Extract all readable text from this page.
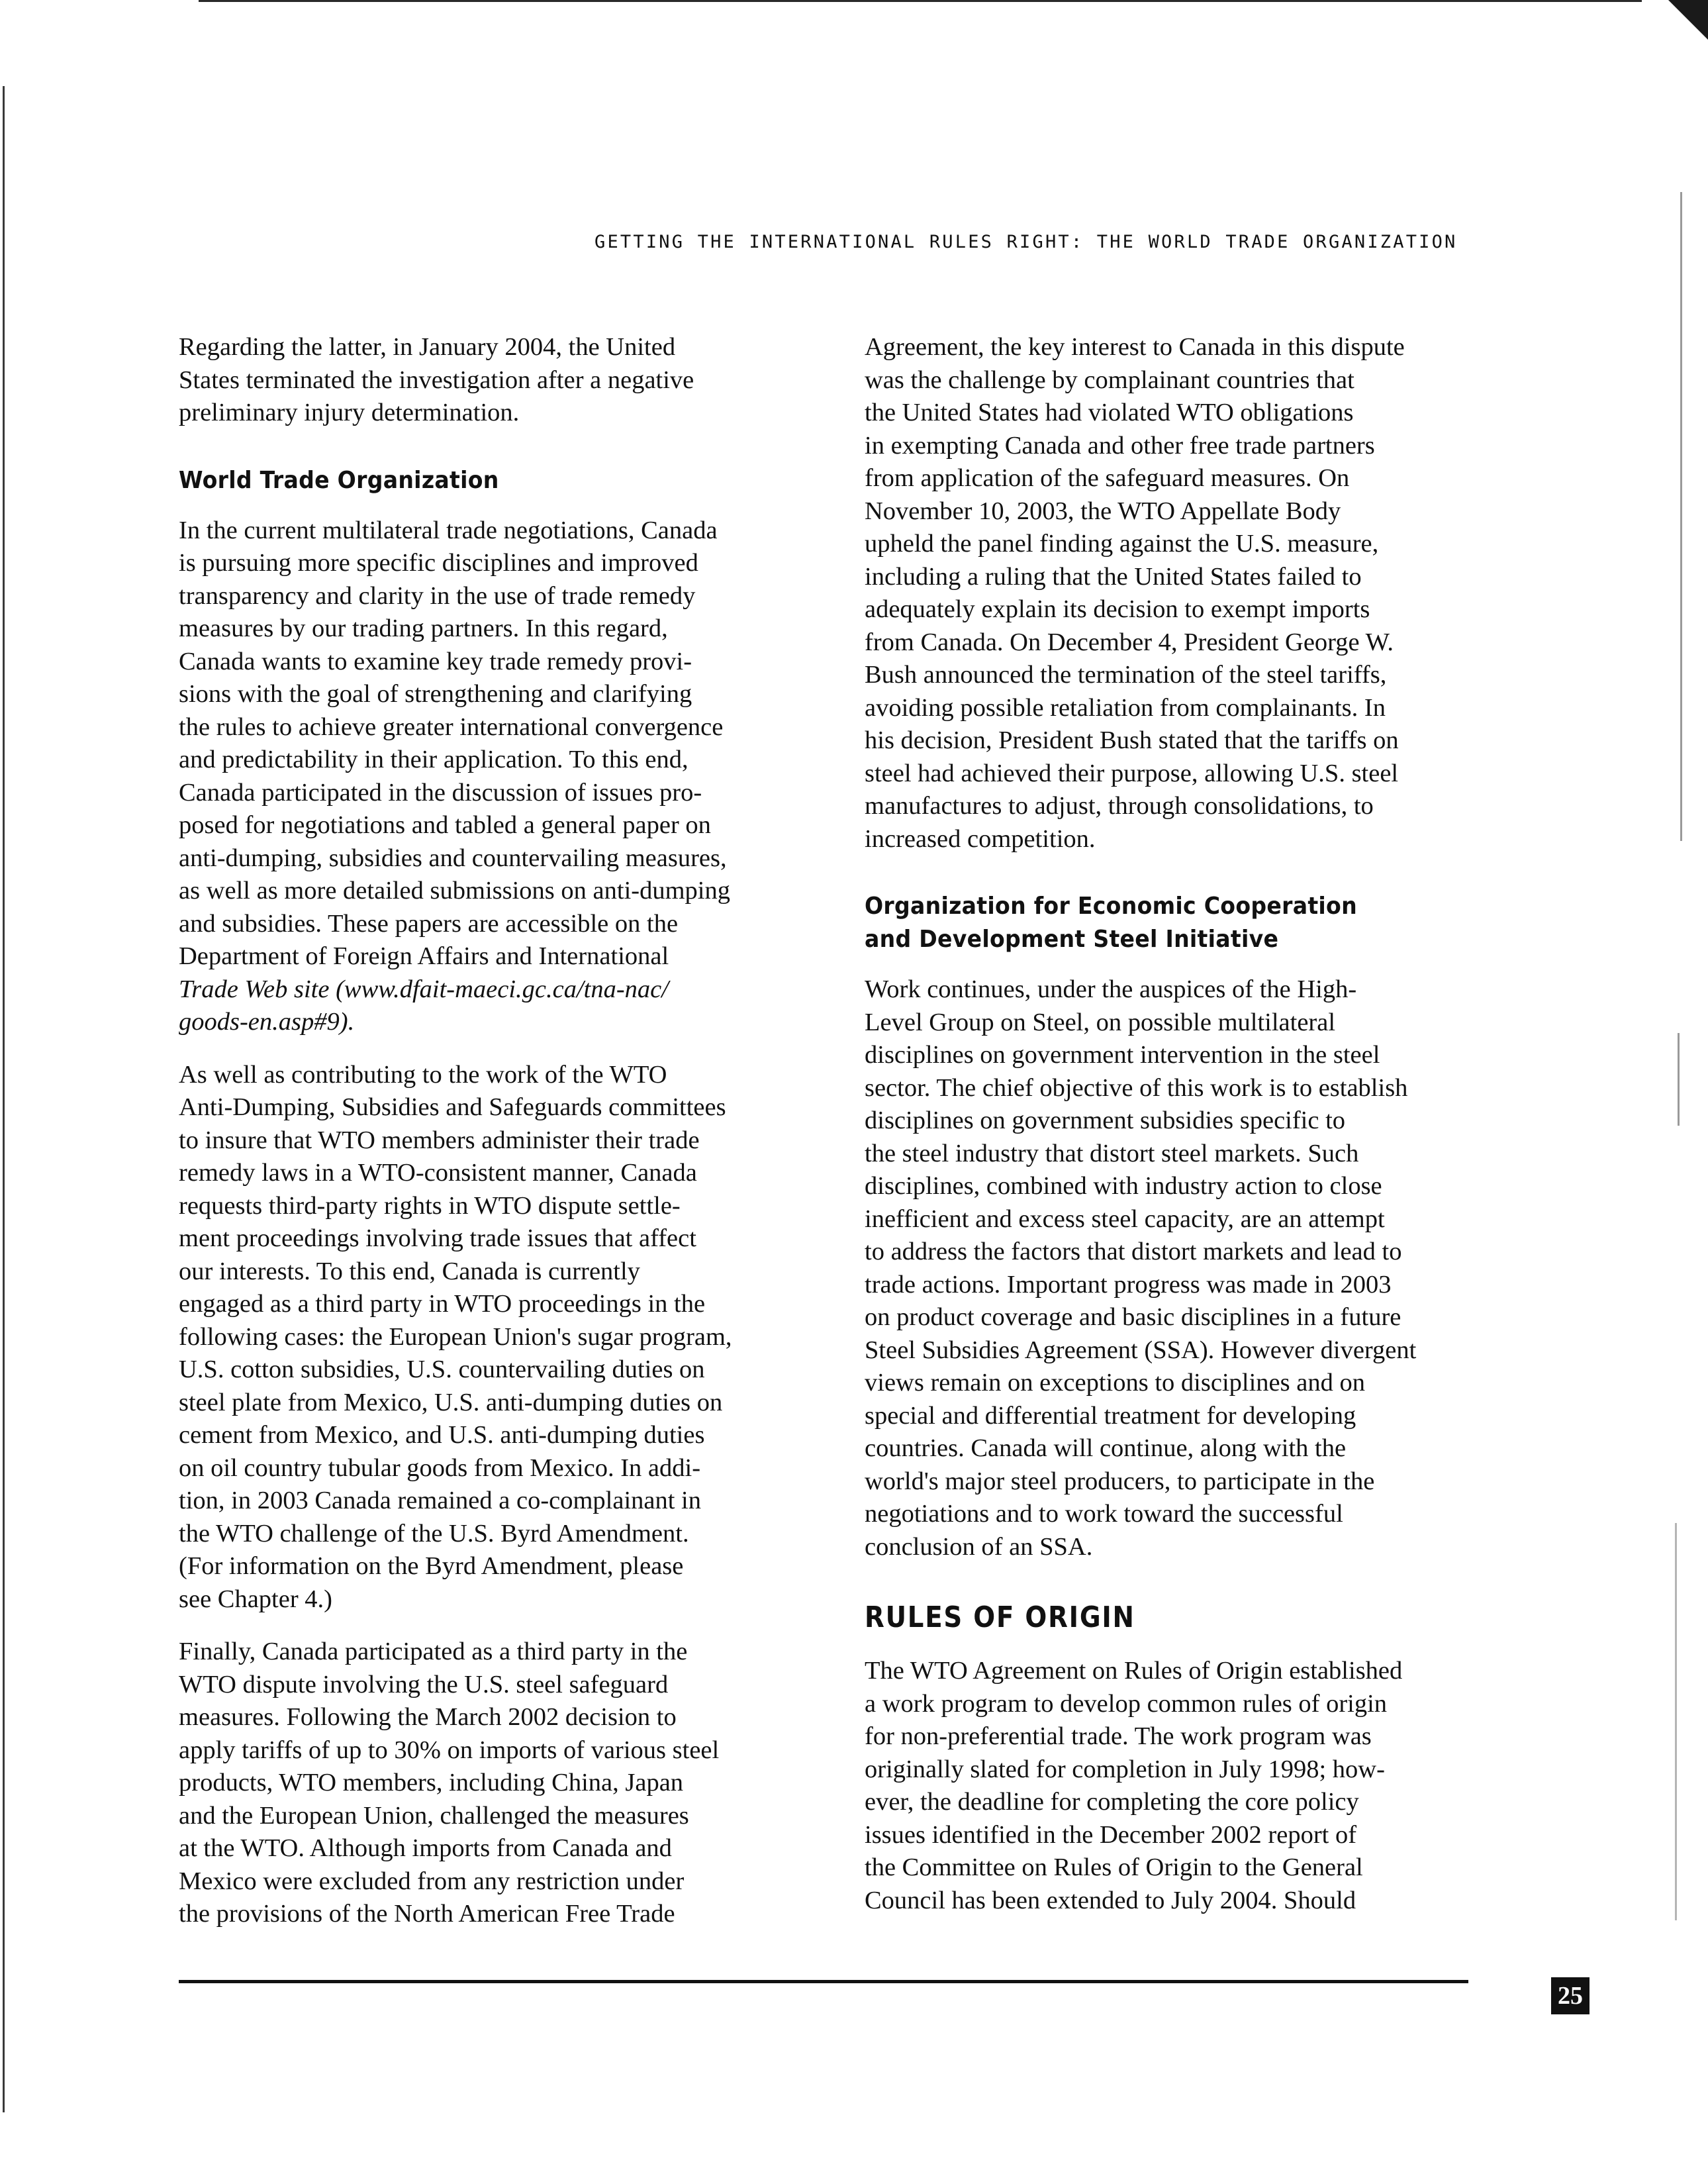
GETTING THE INTERNATIONAL RULES RIGHT: THE WORLD TRADE ORGANIZATION
Regarding the latter, in January 2004, the United
States terminated the investigation after a negative
preliminary injury determination.
World Trade Organization
In the current multilateral trade negotiations, Canada
is pursuing more specific disciplines and improved
transparency and clarity in the use of trade remedy
measures by our trading partners. In this regard,
Canada wants to examine key trade remedy provi-
sions with the goal of strengthening and clarifying
the rules to achieve greater international convergence
and predictability in their application. To this end,
Canada participated in the discussion of issues pro-
posed for negotiations and tabled a general paper on
anti-dumping, subsidies and countervailing measures,
as well as more detailed submissions on anti-dumping
and subsidies. These papers are accessible on the
Department of Foreign Affairs and International
Trade Web site (www.dfait-maeci.gc.ca/tna-nac/
goods-en.asp#9).
As well as contributing to the work of the WTO
Anti-Dumping, Subsidies and Safeguards committees
to insure that WTO members administer their trade
remedy laws in a WTO-consistent manner, Canada
requests third-party rights in WTO dispute settle-
ment proceedings involving trade issues that affect
our interests. To this end, Canada is currently
engaged as a third party in WTO proceedings in the
following cases: the European Union's sugar program,
U.S. cotton subsidies, U.S. countervailing duties on
steel plate from Mexico, U.S. anti-dumping duties on
cement from Mexico, and U.S. anti-dumping duties
on oil country tubular goods from Mexico. In addi-
tion, in 2003 Canada remained a co-complainant in
the WTO challenge of the U.S. Byrd Amendment.
(For information on the Byrd Amendment, please
see Chapter 4.)
Finally, Canada participated as a third party in the
WTO dispute involving the U.S. steel safeguard
measures. Following the March 2002 decision to
apply tariffs of up to 30% on imports of various steel
products, WTO members, including China, Japan
and the European Union, challenged the measures
at the WTO. Although imports from Canada and
Mexico were excluded from any restriction under
the provisions of the North American Free Trade
Agreement, the key interest to Canada in this dispute
was the challenge by complainant countries that
the United States had violated WTO obligations
in exempting Canada and other free trade partners
from application of the safeguard measures. On
November 10, 2003, the WTO Appellate Body
upheld the panel finding against the U.S. measure,
including a ruling that the United States failed to
adequately explain its decision to exempt imports
from Canada. On December 4, President George W.
Bush announced the termination of the steel tariffs,
avoiding possible retaliation from complainants. In
his decision, President Bush stated that the tariffs on
steel had achieved their purpose, allowing U.S. steel
manufactures to adjust, through consolidations, to
increased competition.
Organization for Economic Cooperation
and Development Steel Initiative
Work continues, under the auspices of the High-
Level Group on Steel, on possible multilateral
disciplines on government intervention in the steel
sector. The chief objective of this work is to establish
disciplines on government subsidies specific to
the steel industry that distort steel markets. Such
disciplines, combined with industry action to close
inefficient and excess steel capacity, are an attempt
to address the factors that distort markets and lead to
trade actions. Important progress was made in 2003
on product coverage and basic disciplines in a future
Steel Subsidies Agreement (SSA). However divergent
views remain on exceptions to disciplines and on
special and differential treatment for developing
countries. Canada will continue, along with the
world's major steel producers, to participate in the
negotiations and to work toward the successful
conclusion of an SSA.
RULES OF ORIGIN
The WTO Agreement on Rules of Origin established
a work program to develop common rules of origin
for non-preferential trade. The work program was
originally slated for completion in July 1998; how-
ever, the deadline for completing the core policy
issues identified in the December 2002 report of
the Committee on Rules of Origin to the General
Council has been extended to July 2004. Should
25
